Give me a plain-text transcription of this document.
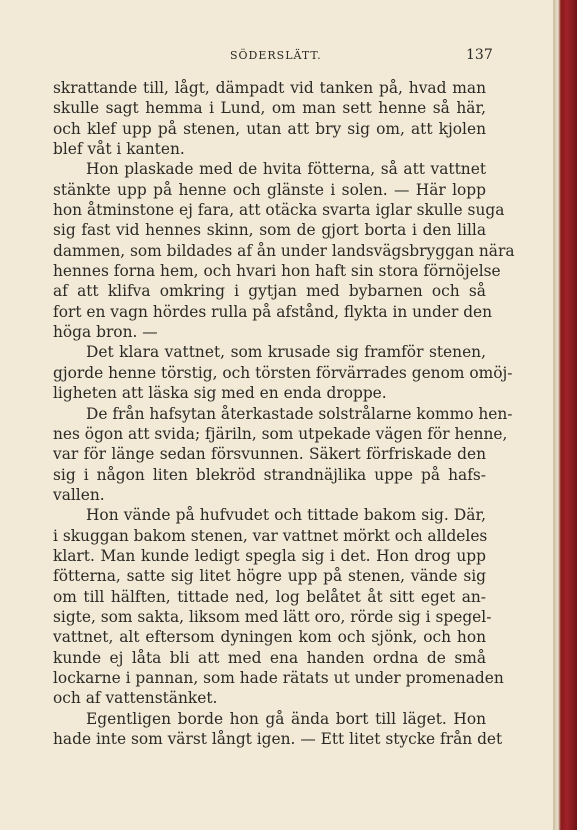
SÖDERSLÄTT.	137
skrattande till, lågt, dämpadt vid tanken på, hvad man
skulle sagt hemma i Lund, om man sett henne så här,
och klef upp på stenen, utan att bry sig om, att kjolen
blef våt i kanten.
Hon plaskade med de hvita fötterna, så att vattnet
stänkte upp på henne och glänste i solen. — Här lopp
hon åtminstone ej fara, att otäcka svarta iglar skulle suga
sig fast vid hennes skinn, som de gjort borta i den lilla
dammen, som bildades af ån under landsvägsbryggan nära
hennes forna hem, och hvari hon haft sin stora förnöjelse
af att klifva omkring i gytjan med bybarnen och så
fort en vagn hördes rulla på afstånd, flykta in under den
höga bron. —
Det klara vattnet, som krusade sig framför stenen,
gjorde henne törstig, och törsten förvärrades genom omöj-
ligheten att läska sig med en enda droppe.
De från hafsytan återkastade solstrålarne kommo hen-
nes ögon att svida; fjäriln, som utpekade vägen för henne,
var för länge sedan försvunnen. Säkert förfriskade den
sig i någon liten blekröd strandnäjlika uppe på hafs-
vallen.
Hon vände på hufvudet och tittade bakom sig. Där,
i skuggan bakom stenen, var vattnet mörkt och alldeles
klart. Man kunde ledigt spegla sig i det. Hon drog upp
fötterna, satte sig litet högre upp på stenen, vände sig
om till hälften, tittade ned, log belåtet åt sitt eget an-
sigte, som sakta, liksom med lätt oro, rörde sig i spegel-
vattnet, alt eftersom dyningen kom och sjönk, och hon
kunde ej låta bli att med ena handen ordna de små
lockarne i pannan, som hade rätats ut under promenaden
och af vattenstänket.
Egentligen borde hon gå ända bort till läget. Hon
hade inte som värst långt igen. — Ett litet stycke från det
